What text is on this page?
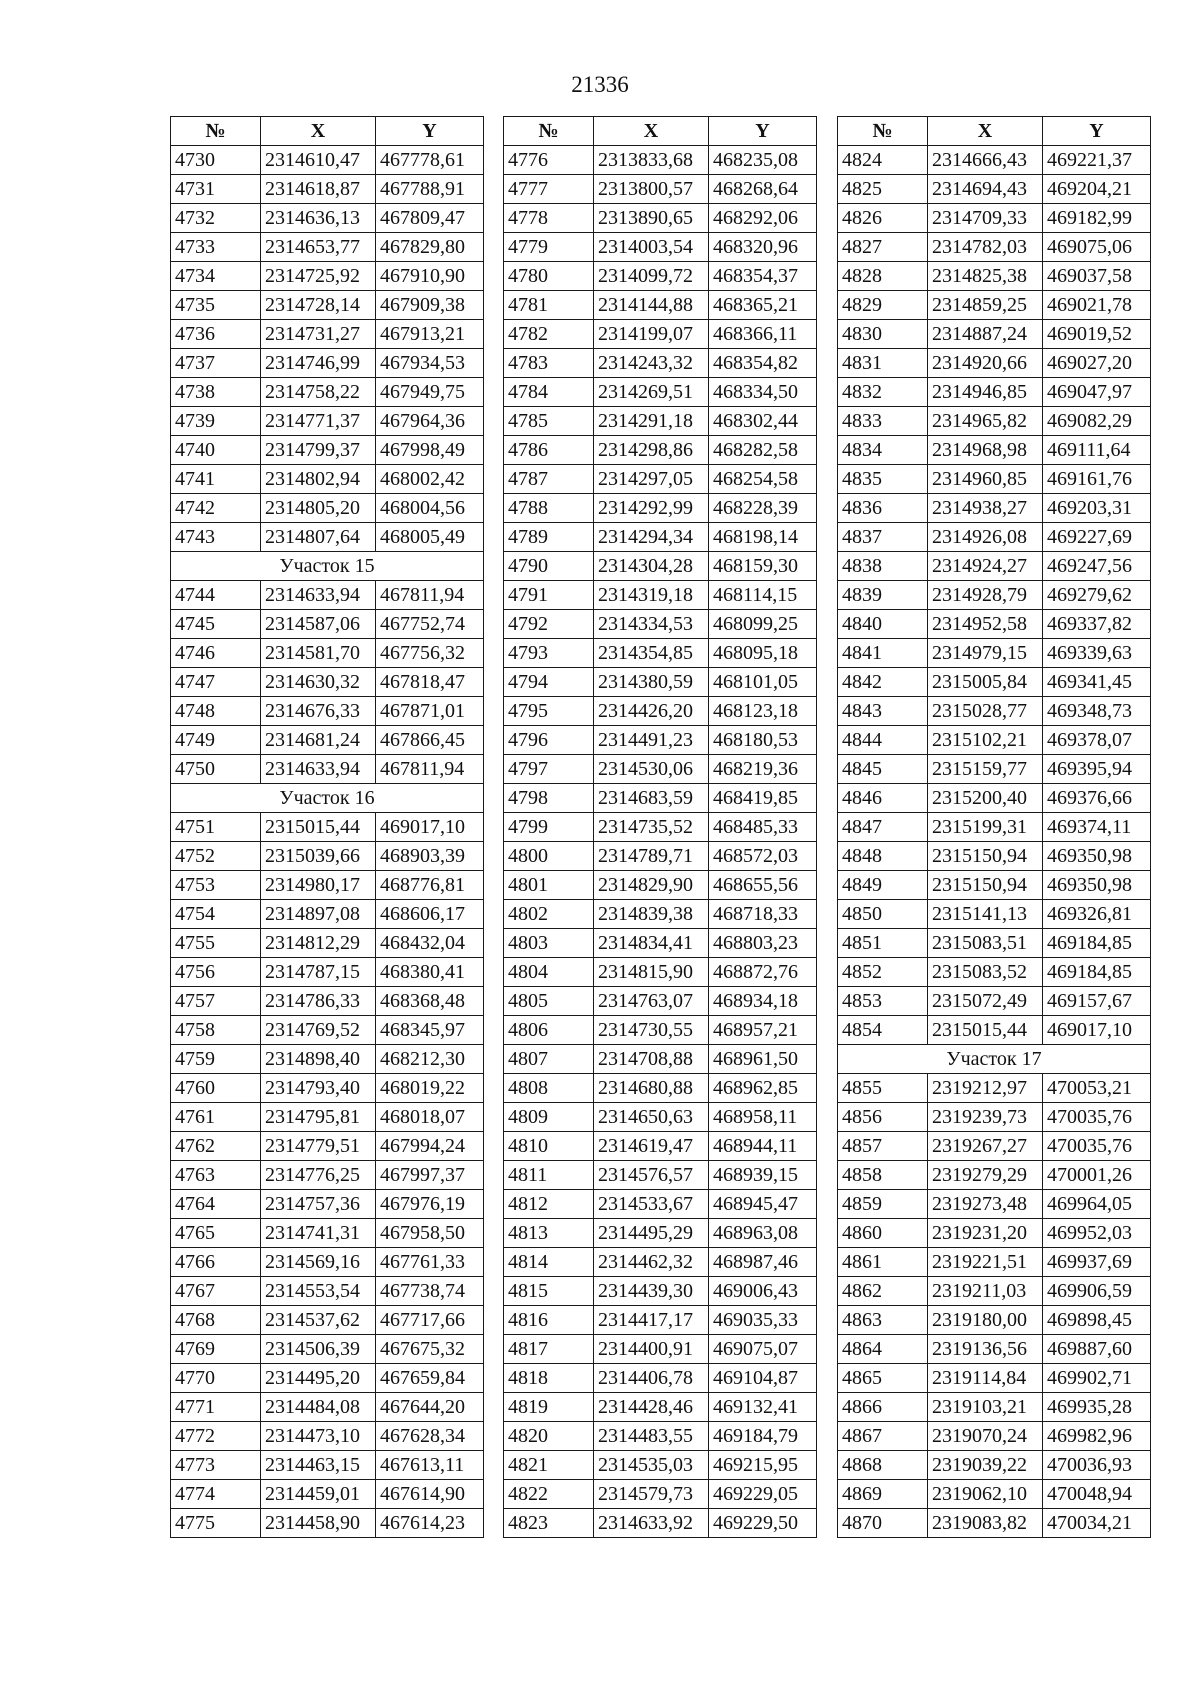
21336
№	X	Y
4730	2314610,47	467778,61
4731	2314618,87	467788,91
4732	2314636,13	467809,47
4733	2314653,77	467829,80
4734	2314725,92	467910,90
4735	2314728,14	467909,38
4736	2314731,27	467913,21
4737	2314746,99	467934,53
4738	2314758,22	467949,75
4739	2314771,37	467964,36
4740	2314799,37	467998,49
4741	2314802,94	468002,42
4742	2314805,20	468004,56
4743	2314807,64	468005,49
Участок 15		
4744	2314633,94	467811,94
4745	2314587,06	467752,74
4746	2314581,70	467756,32
4747	2314630,32	467818,47
4748	2314676,33	467871,01
4749	2314681,24	467866,45
4750	2314633,94	467811,94
Участок 16		
4751	2315015,44	469017,10
4752	2315039,66	468903,39
4753	2314980,17	468776,81
4754	2314897,08	468606,17
4755	2314812,29	468432,04
4756	2314787,15	468380,41
4757	2314786,33	468368,48
4758	2314769,52	468345,97
4759	2314898,40	468212,30
4760	2314793,40	468019,22
4761	2314795,81	468018,07
4762	2314779,51	467994,24
4763	2314776,25	467997,37
4764	2314757,36	467976,19
4765	2314741,31	467958,50
4766	2314569,16	467761,33
4767	2314553,54	467738,74
4768	2314537,62	467717,66
4769	2314506,39	467675,32
4770	2314495,20	467659,84
4771	2314484,08	467644,20
4772	2314473,10	467628,34
4773	2314463,15	467613,11
4774	2314459,01	467614,90
4775	2314458,90	467614,23
№	X	Y
4776	2313833,68	468235,08
4777	2313800,57	468268,64
4778	2313890,65	468292,06
4779	2314003,54	468320,96
4780	2314099,72	468354,37
4781	2314144,88	468365,21
4782	2314199,07	468366,11
4783	2314243,32	468354,82
4784	2314269,51	468334,50
4785	2314291,18	468302,44
4786	2314298,86	468282,58
4787	2314297,05	468254,58
4788	2314292,99	468228,39
4789	2314294,34	468198,14
4790	2314304,28	468159,30
4791	2314319,18	468114,15
4792	2314334,53	468099,25
4793	2314354,85	468095,18
4794	2314380,59	468101,05
4795	2314426,20	468123,18
4796	2314491,23	468180,53
4797	2314530,06	468219,36
4798	2314683,59	468419,85
4799	2314735,52	468485,33
4800	2314789,71	468572,03
4801	2314829,90	468655,56
4802	2314839,38	468718,33
4803	2314834,41	468803,23
4804	2314815,90	468872,76
4805	2314763,07	468934,18
4806	2314730,55	468957,21
4807	2314708,88	468961,50
4808	2314680,88	468962,85
4809	2314650,63	468958,11
4810	2314619,47	468944,11
4811	2314576,57	468939,15
4812	2314533,67	468945,47
4813	2314495,29	468963,08
4814	2314462,32	468987,46
4815	2314439,30	469006,43
4816	2314417,17	469035,33
4817	2314400,91	469075,07
4818	2314406,78	469104,87
4819	2314428,46	469132,41
4820	2314483,55	469184,79
4821	2314535,03	469215,95
4822	2314579,73	469229,05
4823	2314633,92	469229,50
№	X	Y
4824	2314666,43	469221,37
4825	2314694,43	469204,21
4826	2314709,33	469182,99
4827	2314782,03	469075,06
4828	2314825,38	469037,58
4829	2314859,25	469021,78
4830	2314887,24	469019,52
4831	2314920,66	469027,20
4832	2314946,85	469047,97
4833	2314965,82	469082,29
4834	2314968,98	469111,64
4835	2314960,85	469161,76
4836	2314938,27	469203,31
4837	2314926,08	469227,69
4838	2314924,27	469247,56
4839	2314928,79	469279,62
4840	2314952,58	469337,82
4841	2314979,15	469339,63
4842	2315005,84	469341,45
4843	2315028,77	469348,73
4844	2315102,21	469378,07
4845	2315159,77	469395,94
4846	2315200,40	469376,66
4847	2315199,31	469374,11
4848	2315150,94	469350,98
4849	2315150,94	469350,98
4850	2315141,13	469326,81
4851	2315083,51	469184,85
4852	2315083,52	469184,85
4853	2315072,49	469157,67
4854	2315015,44	469017,10
Участок 17		
4855	2319212,97	470053,21
4856	2319239,73	470035,76
4857	2319267,27	470035,76
4858	2319279,29	470001,26
4859	2319273,48	469964,05
4860	2319231,20	469952,03
4861	2319221,51	469937,69
4862	2319211,03	469906,59
4863	2319180,00	469898,45
4864	2319136,56	469887,60
4865	2319114,84	469902,71
4866	2319103,21	469935,28
4867	2319070,24	469982,96
4868	2319039,22	470036,93
4869	2319062,10	470048,94
4870	2319083,82	470034,21
